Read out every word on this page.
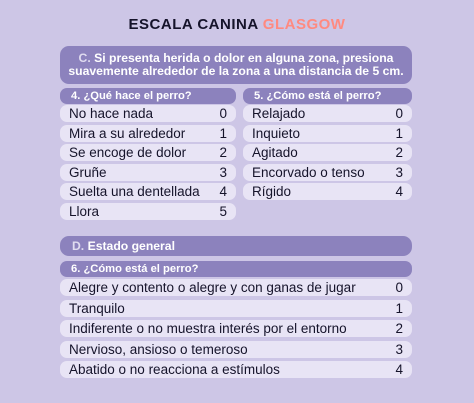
ESCALA CANINA GLASGOW
C. Si presenta herida o dolor en alguna zona, presiona suavemente alrededor de la zona a una distancia de 5 cm.
4. ¿Qué hace el perro?
No hace nada	0
Mira a su alrededor	1
Se encoge de dolor 2
Gruñe	3
Suelta una dentellada 4
Llora	5
5. ¿Cómo está el perro?
Relajado	0
Inquieto	1
Agitado	2
Encorvado o tenso 3
Rígido	4
D. Estado general
6. ¿Cómo está el perro?
Alegre y contento o alegre y con ganas de jugar	0
Tranquilo	1
Indiferente o no muestra interés por el entorno	2
Nervioso, ansioso o temeroso	3
Abatido o no reacciona a estímulos	4
